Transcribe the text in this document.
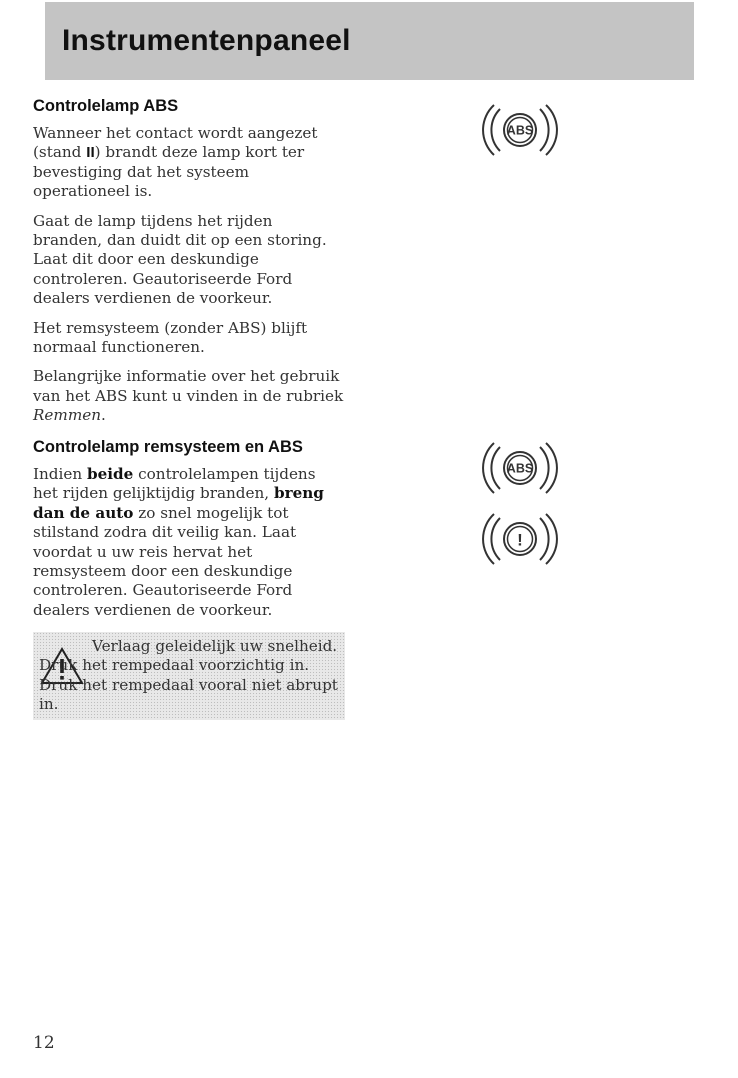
Instrumentenpaneel
Controlelamp ABS

Wanneer het contact wordt aangezet (stand II) brandt deze lamp kort ter bevestiging dat het systeem operationeel is.

Gaat de lamp tijdens het rijden branden, dan duidt dit op een storing. Laat dit door een deskundige controleren. Geautoriseerde Ford dealers verdienen de voorkeur.

Het remsysteem (zonder ABS) blijft normaal functioneren.

Belangrijke informatie over het gebruik van het ABS kunt u vinden in de rubriek Remmen.

Controlelamp remsysteem en ABS

Indien beide controlelampen tijdens het rijden gelijktijdig branden, breng dan de auto zo snel mogelijk tot stilstand zodra dit veilig kan. Laat voordat u uw reis hervat het remsysteem door een deskundige controleren. Geautoriseerde Ford dealers verdienen de voorkeur.

Verlaag geleidelijk uw snelheid. Druk het rempedaal voorzichtig in. Druk het rempedaal vooral niet abrupt in.

ABS
ABS
!
12
